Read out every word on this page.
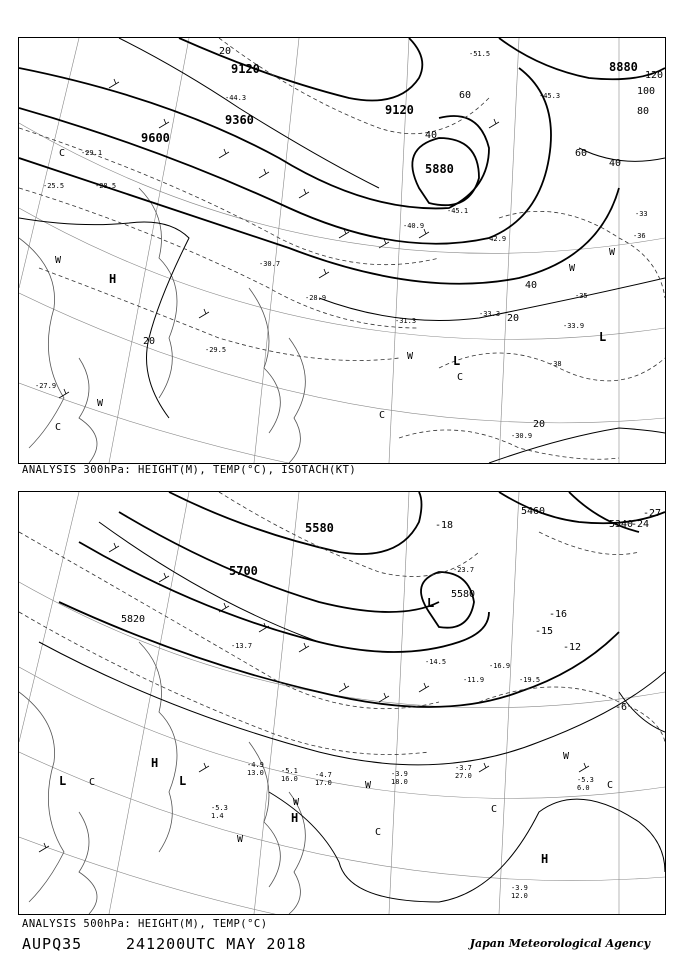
9120
9360
9600
9120
8880
5880
20
40
60
80
100
120
40
60
40
20
20
20
H
L
L
C
C
W
W
W
W
W
C
C
-29.1
-25.5	-28.5
-30.7
-31.3
-33.9
-30.9
-28.9
-29.5
-27.9
-40.9
-42.9
-45.1
-51.5
-44.3
-33
-38
-35
-45.3
-36
-33.3
ANALYSIS 300hPa: HEIGHT(M), TEMP(°C), ISOTACH(KT)
5580
5700
5820
5460
5340
5580
-18
-15
-12
-16
-6
-27
-24
H
H
H
L	L
L
W
W
W
W
C
C
C
C
-3.7
27.0
-3.9
18.0
-5.3
1.4
-3.9
12.0
-5.3
6.0
-14.5	-16.9
-11.9
-13.7
-19.5
-4.7
17.0
-5.1
16.0
-4.9
13.0
-23.7
ANALYSIS 500hPa: HEIGHT(M), TEMP(°C)
AUPQ35	241200UTC MAY 2018	Japan Meteorological Agency
